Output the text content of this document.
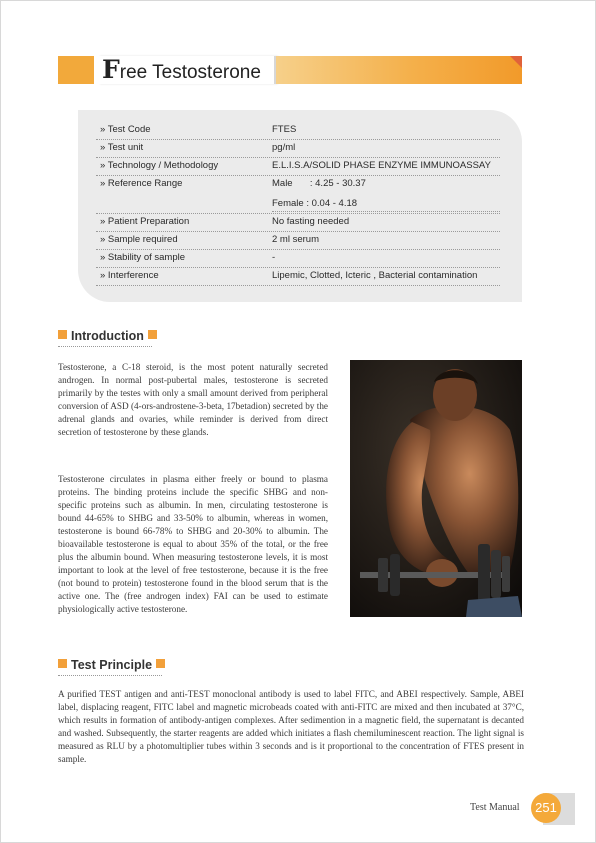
Free Testosterone
» Test Code	FTES
» Test unit	pg/ml
» Technology / Methodology	E.L.I.S.A/SOLID PHASE ENZYME IMMUNOASSAY
» Reference Range	Male : 4.25 - 30.37
Female : 0.04 - 4.18
» Patient Preparation	No fasting needed
» Sample required	2 ml serum
» Stability of sample	-
» Interference	Lipemic, Clotted, Icteric , Bacterial contamination
Introduction

Testosterone, a C-18 steroid, is the most potent naturally secreted androgen. In normal post-pubertal males, testosterone is secreted primarily by the testes with only a small amount derived from peripheral conversion of ASD (4-ors-androstene-3-beta, 17betadion) secreted by the adrenal glands and ovaries, while reminder is derived from direct secretion of testosterone by these glands.

Testosterone circulates in plasma either freely or bound to plasma proteins. The binding proteins include the specific SHBG and non-specific proteins such as albumin. In men, circulating testosterone is bound 44-65% to SHBG and 33-50% to albumin, whereas in women, testosterone is bound 66-78% to SHBG and 20-30% to albumin. The bioavailable testosterone is equal to about 35% of the total, or the free plus the albumin bound. When measuring testosterone levels, it is most important to look at the level of free testosterone, because it is the free (not bound to protein) testosterone found in the blood serum that is the active one. The (free androgen index) FAI can be used to estimate physiologically active testosterone.

Test Principle

A purified TEST antigen and anti-TEST monoclonal antibody is used to label FITC, and ABEI respectively. Sample, ABEI label, displacing reagent, FITC label and magnetic microbeads coated with anti-FITC are mixed and then incubated at 37°C, which results in formation of antibody-antigen complexes. After sedimention in a magnetic field, the supernatant is decanted and washed. Subsequently, the starter reagents are added which initiates a flash chemiluminescent reaction. The light signal is measured as RLU by a photomultiplier tubes within 3 seconds and is it proportional to the concentration of FTES present in sample.

Test Manual	251
